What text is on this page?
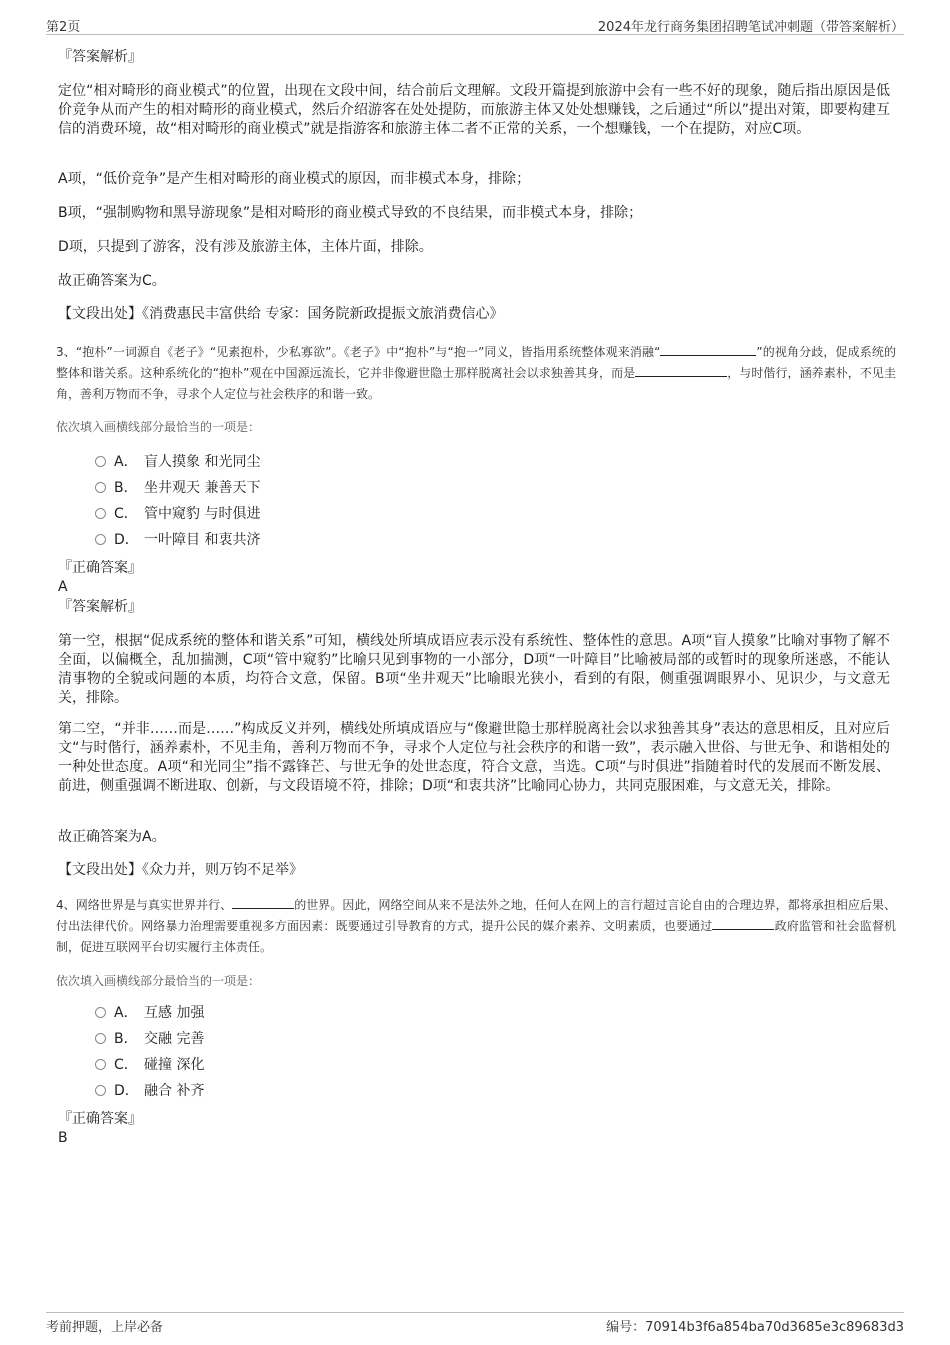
第2页	2024年龙行商务集团招聘笔试冲刺题（带答案解析）
『答案解析』
定位“相对畸形的商业模式”的位置，出现在文段中间，结合前后文理解。文段开篇提到旅游中会有一些不好的现象，随后指出原因是低价竞争从而产生的相对畸形的商业模式，然后介绍游客在处处提防，而旅游主体又处处想赚钱，之后通过“所以”提出对策，即要构建互信的消费环境，故“相对畸形的商业模式”就是指游客和旅游主体二者不正常的关系，一个想赚钱，一个在提防，对应C项。
A项，“低价竞争”是产生相对畸形的商业模式的原因，而非模式本身，排除；
B项，“强制购物和黑导游现象”是相对畸形的商业模式导致的不良结果，而非模式本身，排除；
D项，只提到了游客，没有涉及旅游主体，主体片面，排除。
故正确答案为C。
【文段出处】《消费惠民丰富供给 专家：国务院新政提振文旅消费信心》
3、“抱朴”一词源自《老子》“见素抱朴，少私寡欲”。《老子》中“抱朴”与“抱一”同义，皆指用系统整体观来消融“	”的视角分歧，促成系统的整体和谐关系。这种系统化的“抱朴”观在中国源远流长，它并非像避世隐士那样脱离社会以求独善其身，而是	，与时偕行，涵养素朴，不见圭角，善利万物而不争，寻求个人定位与社会秩序的和谐一致。
依次填入画横线部分最恰当的一项是：
A． 盲人摸象 和光同尘
B． 坐井观天 兼善天下
C． 管中窥豹 与时俱进
D． 一叶障目 和衷共济
『正确答案』
A
『答案解析』
第一空，根据“促成系统的整体和谐关系”可知，横线处所填成语应表示没有系统性、整体性的意思。A项“盲人摸象”比喻对事物了解不全面，以偏概全，乱加揣测，C项“管中窥豹”比喻只见到事物的一小部分，D项“一叶障目”比喻被局部的或暂时的现象所迷惑，不能认清事物的全貌或问题的本质，均符合文意，保留。B项“坐井观天”比喻眼光狭小，看到的有限，侧重强调眼界小、见识少，与文意无关，排除。
第二空，“并非……而是……”构成反义并列，横线处所填成语应与“像避世隐士那样脱离社会以求独善其身”表达的意思相反，且对应后文“与时偕行，涵养素朴，不见圭角，善利万物而不争，寻求个人定位与社会秩序的和谐一致”，表示融入世俗、与世无争、和谐相处的一种处世态度。A项“和光同尘”指不露锋芒、与世无争的处世态度，符合文意，当选。C项“与时俱进”指随着时代的发展而不断发展、前进，侧重强调不断进取、创新，与文段语境不符，排除；D项“和衷共济”比喻同心协力，共同克服困难，与文意无关，排除。
故正确答案为A。
【文段出处】《众力并，则万钧不足举》
4、网络世界是与真实世界并行、	的世界。因此，网络空间从来不是法外之地，任何人在网上的言行超过言论自由的合理边界，都将承担相应后果、付出法律代价。网络暴力治理需要重视多方面因素：既要通过引导教育的方式，提升公民的媒介素养、文明素质，也要通过	政府监管和社会监督机制，促进互联网平台切实履行主体责任。
依次填入画横线部分最恰当的一项是：
A． 互感 加强
B． 交融 完善
C． 碰撞 深化
D． 融合 补齐
『正确答案』
B
考前押题，上岸必备	编号：70914b3f6a854ba70d3685e3c89683d3
